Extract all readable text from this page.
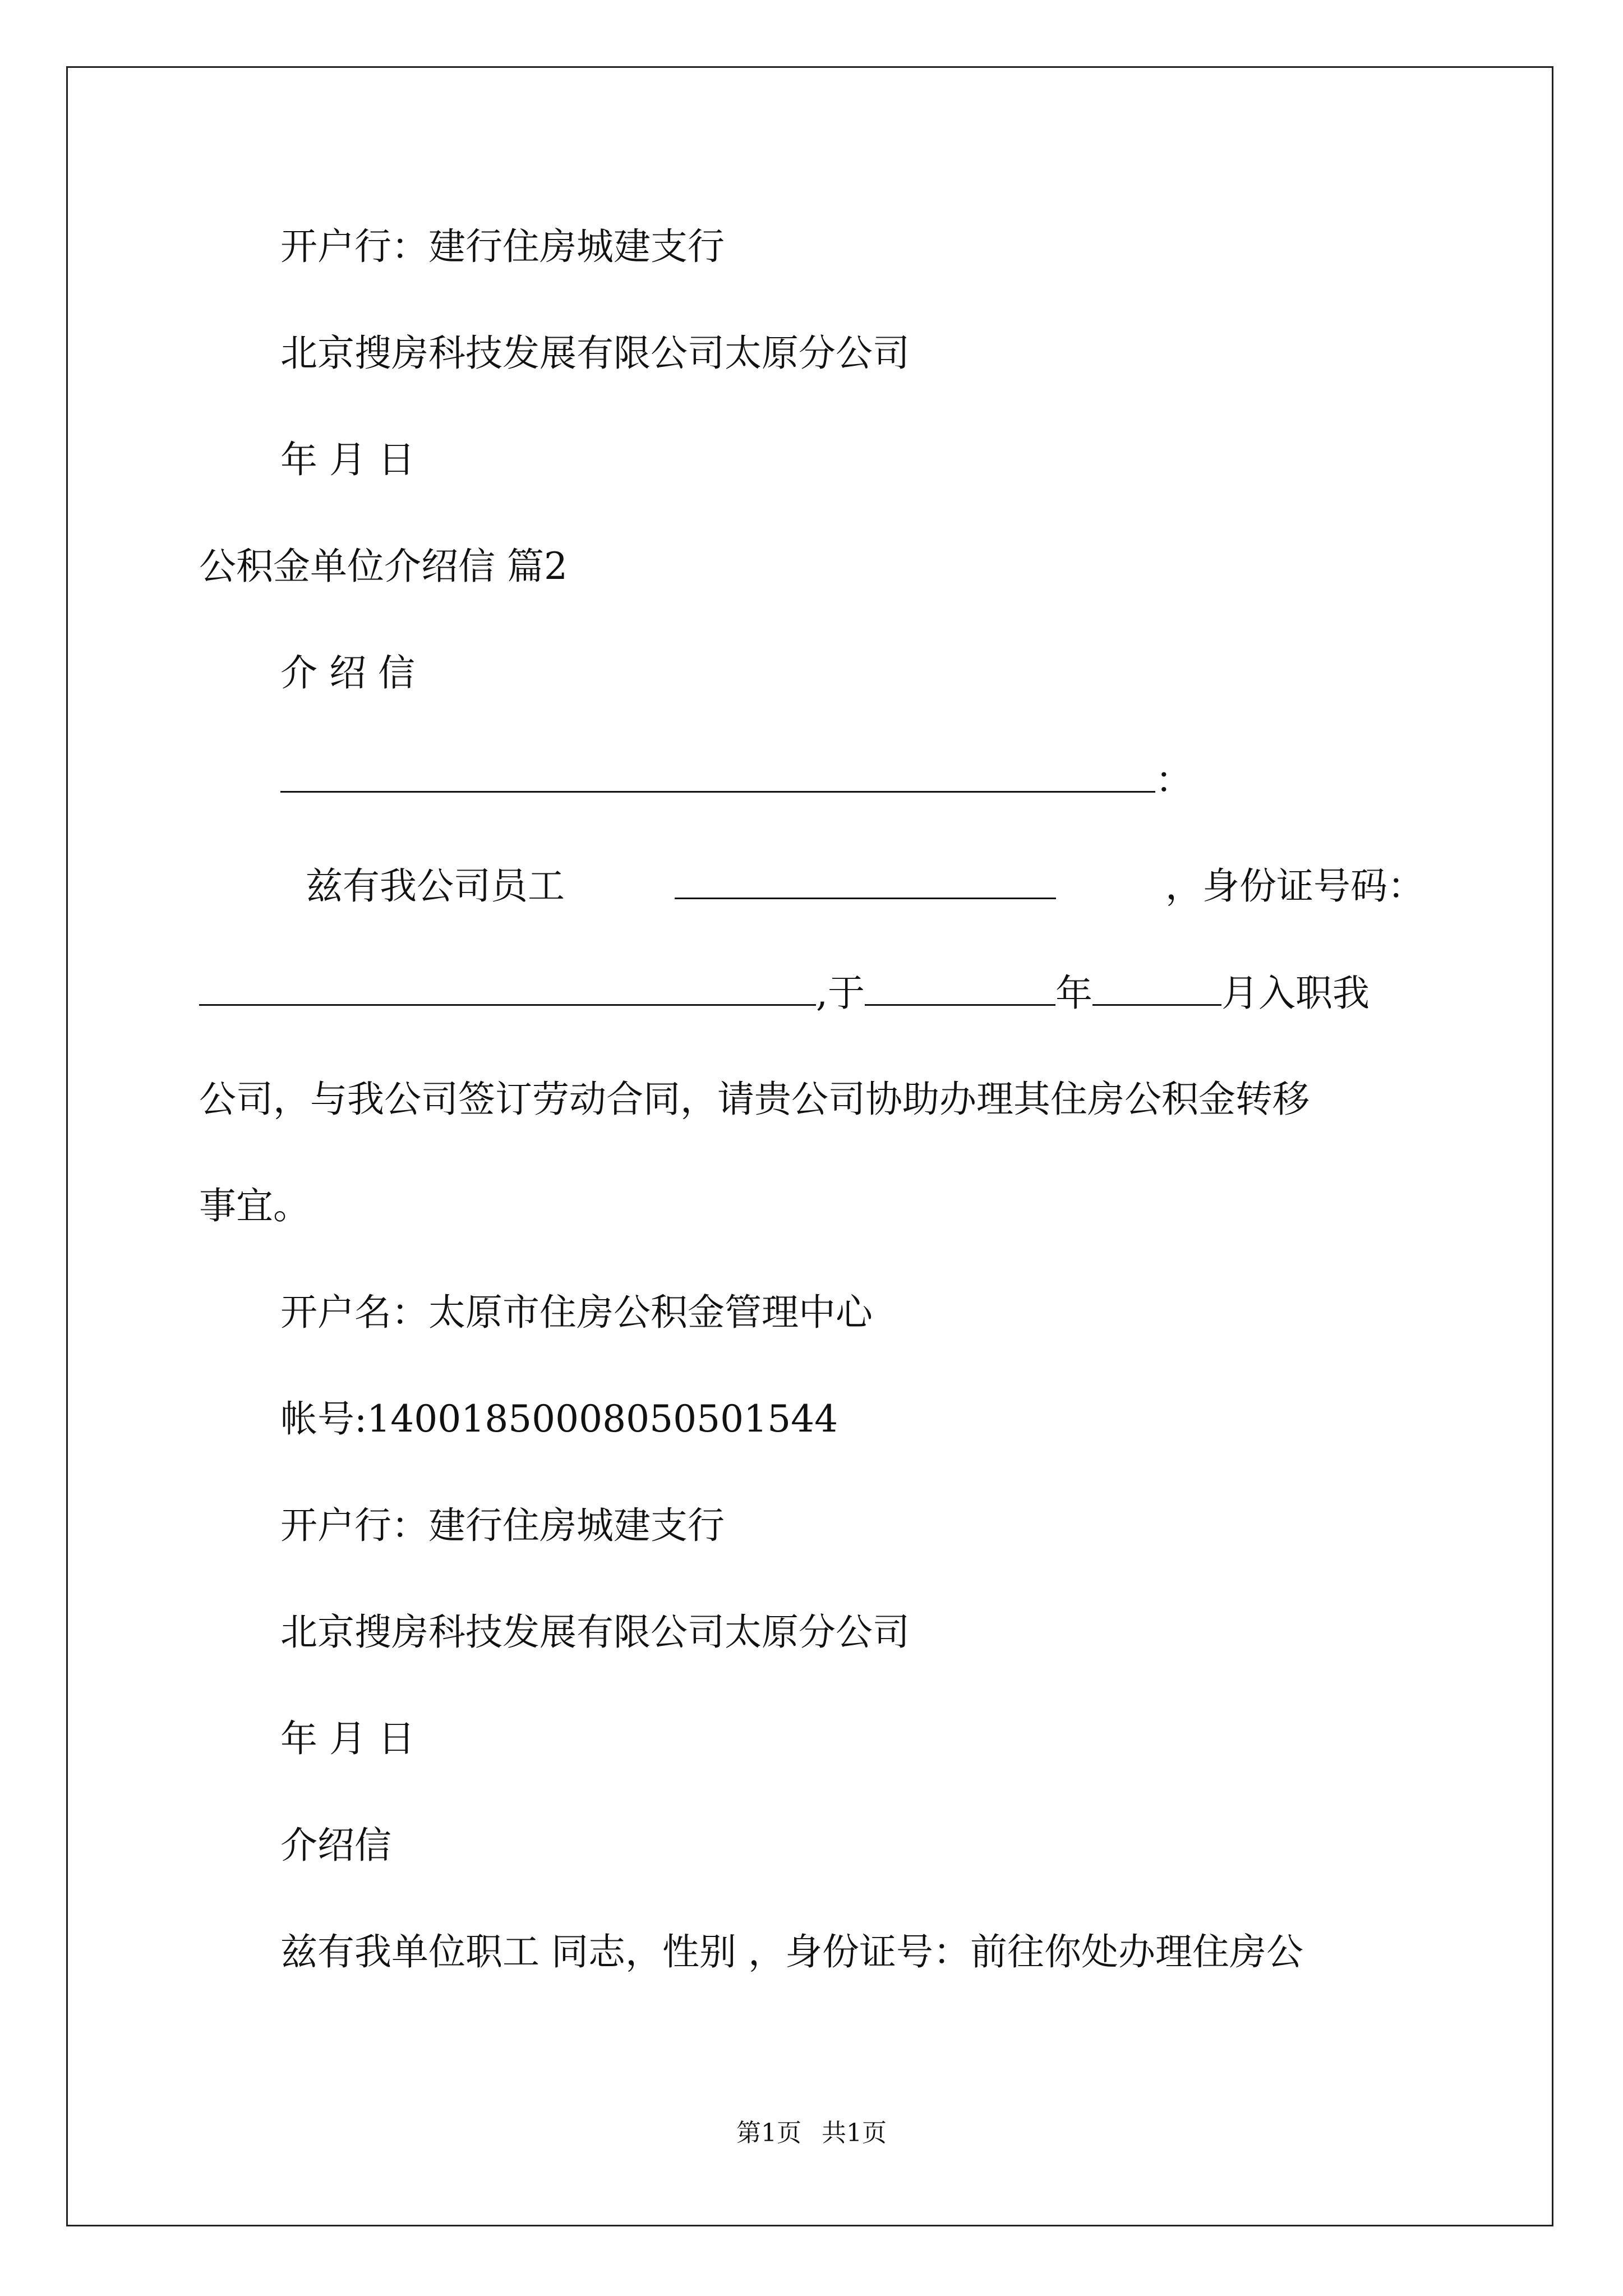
开户行：建行住房城建支行
北京搜房科技发展有限公司太原分公司
年 月 日
公积金单位介绍信 篇2
介 绍 信
：
兹有我公司员工	，身份证号码：
,于	年	月入职我
公司，与我公司签订劳动合同，请贵公司协助办理其住房公积金转移
事宜。
开户名：太原市住房公积金管理中心
帐号:14001850008050501544
开户行：建行住房城建支行
北京搜房科技发展有限公司太原分公司
年 月 日
介绍信
兹有我单位职工 同志，性别 ，身份证号：前往你处办理住房公
第1页 共1页
